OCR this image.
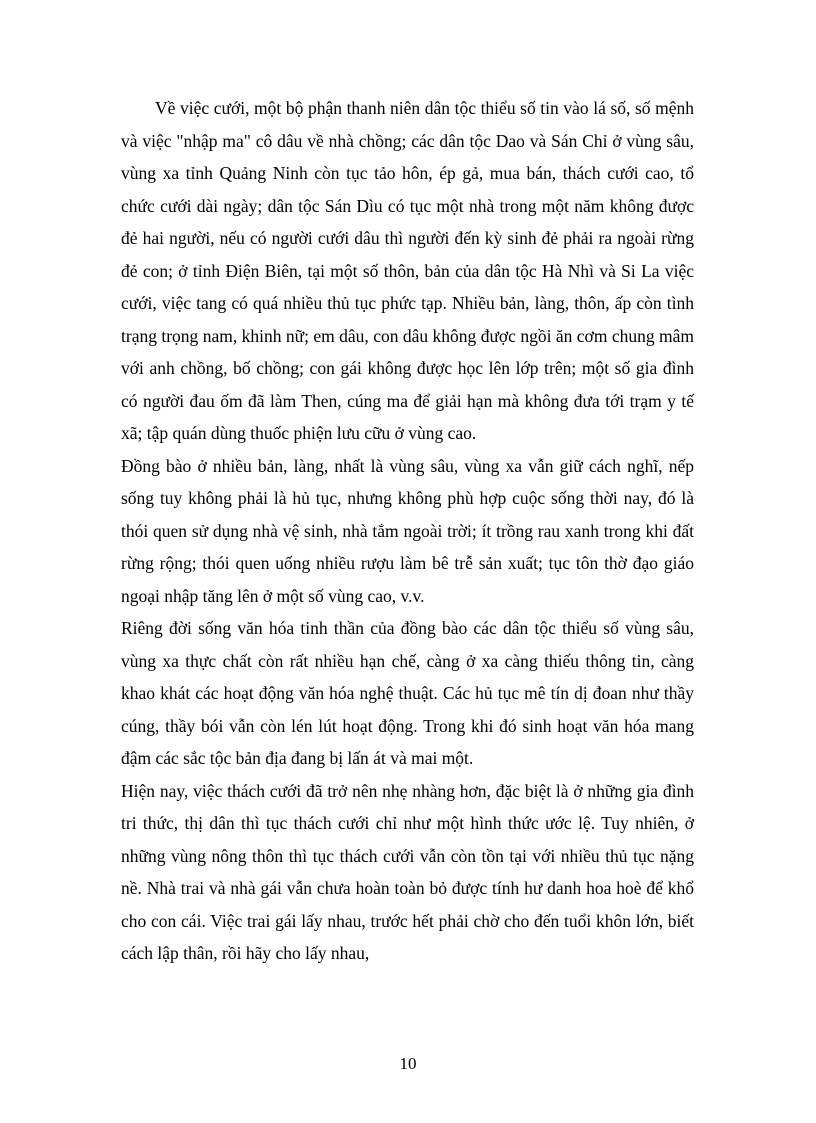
Về việc cưới, một bộ phận thanh niên dân tộc thiểu số tin vào lá số, số mệnh và việc "nhập ma" cô dâu về nhà chồng; các dân tộc Dao và Sán Chỉ ở vùng sâu, vùng xa tỉnh Quảng Ninh còn tục tảo hôn, ép gả, mua bán, thách cưới cao, tổ chức cưới dài ngày; dân tộc Sán Dìu có tục một nhà trong một năm không được đẻ hai người, nếu có người cưới dâu thì người đến kỳ sinh đẻ phải ra ngoài rừng đẻ con; ở tỉnh Điện Biên, tại một số thôn, bản của dân tộc Hà Nhì và Si La việc cưới, việc tang có quá nhiều thủ tục phức tạp. Nhiều bản, làng, thôn, ấp còn tình trạng trọng nam, khinh nữ; em dâu, con dâu không được ngồi ăn cơm chung mâm với anh chồng, bố chồng; con gái không được học lên lớp trên; một số gia đình có người đau ốm đã làm Then, cúng ma để giải hạn mà không đưa tới trạm y tế xã; tập quán dùng thuốc phiện lưu cữu ở vùng cao.

Đồng bào ở nhiều bản, làng, nhất là vùng sâu, vùng xa vẫn giữ cách nghĩ, nếp sống tuy không phải là hủ tục, nhưng không phù hợp cuộc sống thời nay, đó là thói quen sử dụng nhà vệ sinh, nhà tắm ngoài trời; ít trồng rau xanh trong khi đất rừng rộng; thói quen uống nhiều rượu làm bê trễ sản xuất; tục tôn thờ đạo giáo ngoại nhập tăng lên ở một số vùng cao, v.v.

Riêng đời sống văn hóa tinh thần của đồng bào các dân tộc thiểu số vùng sâu, vùng xa thực chất còn rất nhiều hạn chế, càng ở xa càng thiếu thông tin, càng khao khát các hoạt động văn hóa nghệ thuật. Các hủ tục mê tín dị đoan như thầy cúng, thầy bói vẫn còn lén lút hoạt động. Trong khi đó sinh hoạt văn hóa mang đậm các sắc tộc bản địa đang bị lấn át và mai một.

Hiện nay, việc thách cưới đã trở nên nhẹ nhàng hơn, đặc biệt là ở những gia đình tri thức, thị dân thì tục thách cưới chỉ như một hình thức ước lệ. Tuy nhiên, ở những vùng nông thôn thì tục thách cưới vẫn còn tồn tại với nhiều thủ tục nặng nề. Nhà trai và nhà gái vẫn chưa hoàn toàn bỏ được tính hư danh hoa hoè để khổ cho con cái. Việc trai gái lấy nhau, trước hết phải chờ cho đến tuổi khôn lớn, biết cách lập thân, rồi hãy cho lấy nhau,

10
